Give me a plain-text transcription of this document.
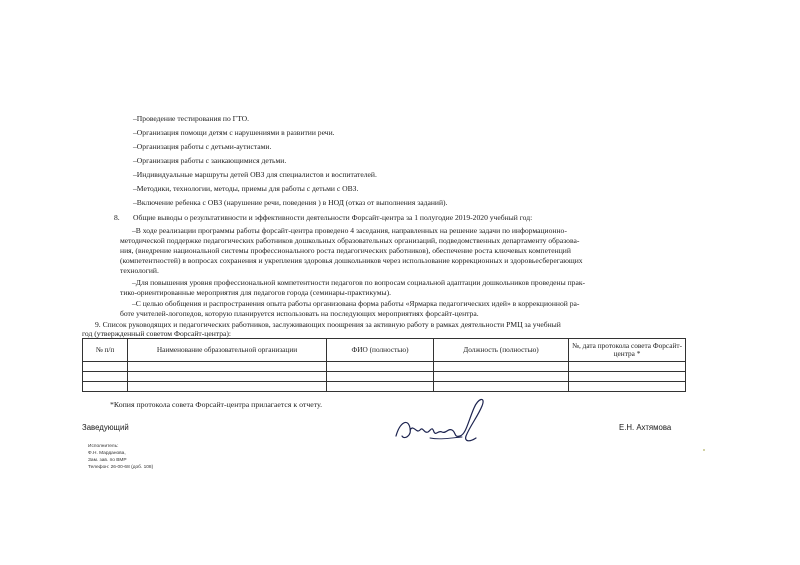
–Проведение тестирования по ГТО.
–Организация помощи детям с нарушениями в развитии речи.
–Организация работы с детьми-аутистами.
–Организация работы с заикающимися детьми.
–Индивидуальные маршруты детей ОВЗ для специалистов и воспитателей.
–Методики, технологии, методы, приемы для работы с детьми с ОВЗ.
–Включение ребенка с ОВЗ (нарушение речи, поведения ) в НОД (отказ от выполнения заданий).
8. Общие выводы о результативности и эффективности деятельности Форсайт-центра за 1 полугодие 2019-2020 учебный год:
–В ходе реализации программы работы форсайт-центра проведено 4 заседания, направленных на решение задачи по информационно-
методической поддержке педагогических работников дошкольных образовательных организаций, подведомственных департаменту образова-
ния, (внедрение национальной системы профессионального роста педагогических работников), обеспечение роста ключевых компетенций
(компетентностей) в вопросах сохранения и укрепления здоровья дошкольников через использование коррекционных и здоровьесберегающих
технологий.
–Для повышения уровня профессиональной компетентности педагогов по вопросам социальной адаптации дошкольников проведены прак-
тико-ориентированные мероприятия для педагогов города (семинары-практикумы).
–С целью обобщения и распространения опыта работы организована форма работы «Ярмарка педагогических идей» в коррекционной ра-
боте учителей-логопедов, которую планируется использовать на последующих мероприятиях форсайт-центра.
9. Список руководящих и педагогических работников, заслуживающих поощрения за активную работу в рамках деятельности РМЦ за учебный
год (утвержденный советом Форсайт-центра):
№ п/п	Наименование образовательной организации	ФИО (полностью)	Должность (полностью)	№, дата протокола совета Форсайт-центра *

*Копия протокола совета Форсайт-центра прилагается к отчету.
Заведующий	Е.Н. Ахтямова
Исполнитель:
Ф.Н. Марданова,
Зам. зав. по ВМР
Телефон: 26-00-68 (доб. 108)
